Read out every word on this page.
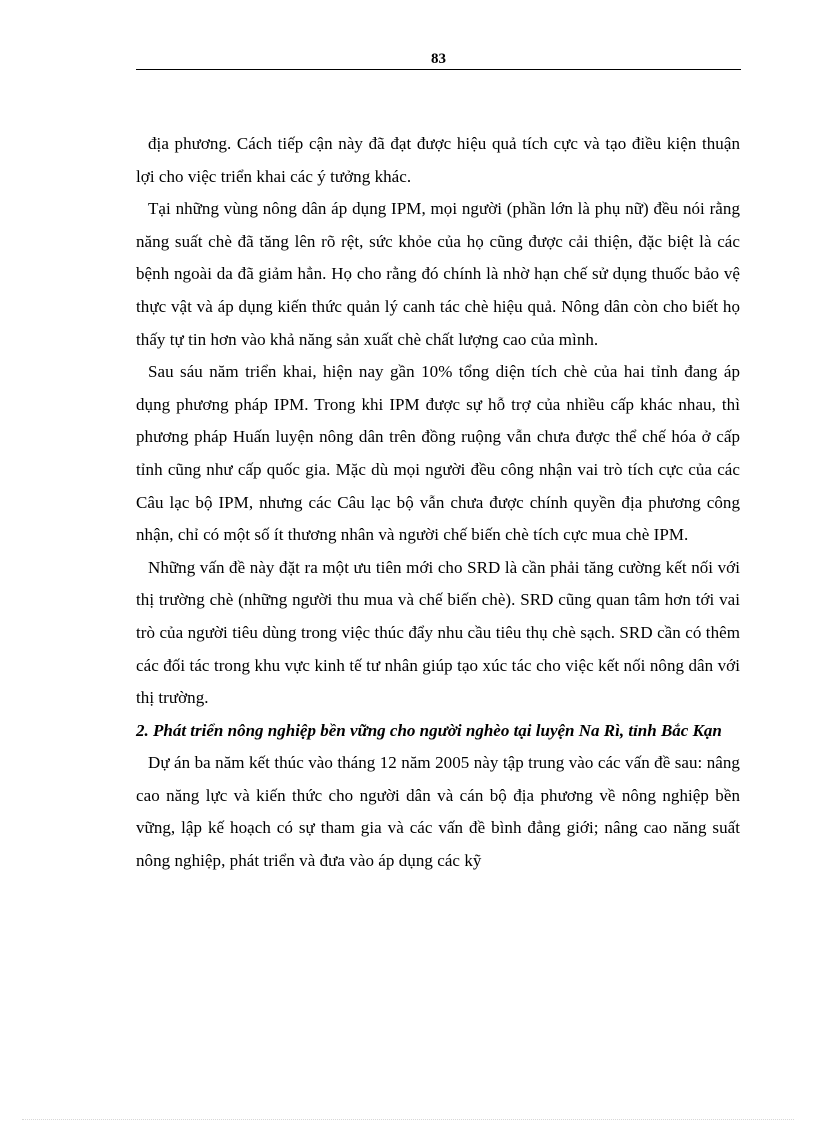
83

địa phương. Cách tiếp cận này đã đạt được hiệu quả tích cực và tạo điều kiện thuận lợi cho việc triển khai các ý tưởng khác.

Tại những vùng nông dân áp dụng IPM, mọi người (phần lớn là phụ nữ) đều nói rằng năng suất chè đã tăng lên rõ rệt, sức khỏe của họ cũng được cải thiện, đặc biệt là các bệnh ngoài da đã giảm hẳn. Họ cho rằng đó chính là nhờ hạn chế sử dụng thuốc bảo vệ thực vật và áp dụng kiến thức quản lý canh tác chè hiệu quả. Nông dân còn cho biết họ thấy tự tin hơn vào khả năng sản xuất chè chất lượng cao của mình.

Sau sáu năm triển khai, hiện nay gần 10% tổng diện tích chè của hai tỉnh đang áp dụng phương pháp IPM. Trong khi IPM được sự hỗ trợ của nhiều cấp khác nhau, thì phương pháp Huấn luyện nông dân trên đồng ruộng vẫn chưa được thể chế hóa ở cấp tỉnh cũng như cấp quốc gia. Mặc dù mọi người đều công nhận vai trò tích cực của các Câu lạc bộ IPM, nhưng các Câu lạc bộ vẫn chưa được chính quyền địa phương công nhận, chỉ có một số ít thương nhân và người chế biến chè tích cực mua chè IPM.

Những vấn đề này đặt ra một ưu tiên mới cho SRD là cần phải tăng cường kết nối với thị trường chè (những người thu mua và chế biến chè). SRD cũng quan tâm hơn tới vai trò của người tiêu dùng trong việc thúc đẩy nhu cầu tiêu thụ chè sạch. SRD cần có thêm các đối tác trong khu vực kinh tế tư nhân giúp tạo xúc tác cho việc kết nối nông dân với thị trường.

2. Phát triển nông nghiệp bền vững cho người nghèo tại luyện Na Rì, tỉnh Bắc Kạn

Dự án ba năm kết thúc vào tháng 12 năm 2005 này tập trung vào các vấn đề sau: nâng cao năng lực và kiến thức cho người dân và cán bộ địa phương về nông nghiệp bền vững, lập kế hoạch có sự tham gia và các vấn đề bình đẳng giới; nâng cao năng suất nông nghiệp, phát triển và đưa vào áp dụng các kỹ
